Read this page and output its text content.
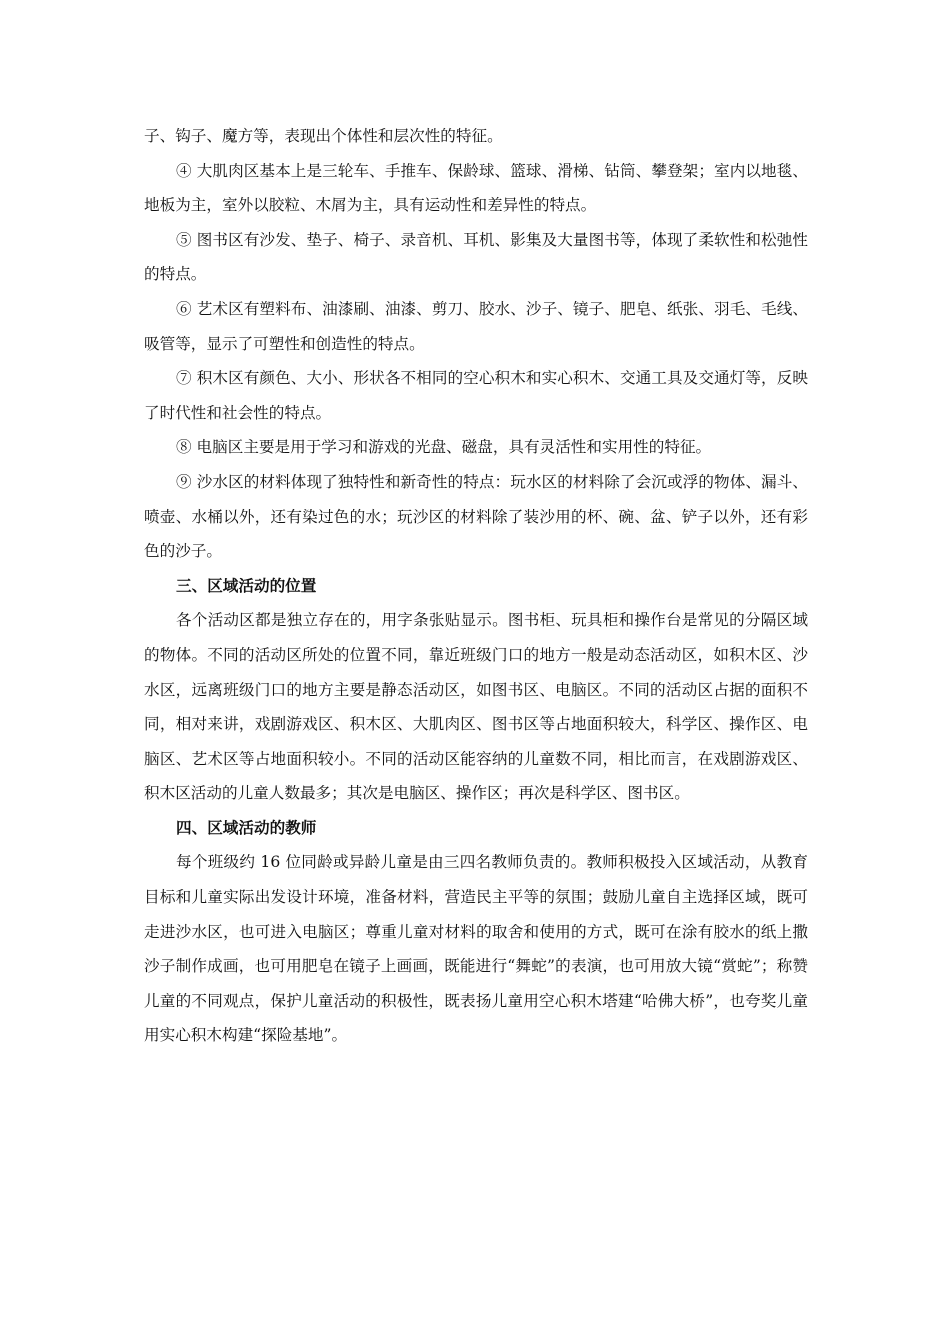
子、钩子、魔方等，表现出个体性和层次性的特征。

④ 大肌肉区基本上是三轮车、手推车、保龄球、篮球、滑梯、钻筒、攀登架；室内以地毯、地板为主，室外以胶粒、木屑为主，具有运动性和差异性的特点。

⑤ 图书区有沙发、垫子、椅子、录音机、耳机、影集及大量图书等，体现了柔软性和松弛性的特点。

⑥ 艺术区有塑料布、油漆刷、油漆、剪刀、胶水、沙子、镜子、肥皂、纸张、羽毛、毛线、吸管等，显示了可塑性和创造性的特点。

⑦ 积木区有颜色、大小、形状各不相同的空心积木和实心积木、交通工具及交通灯等，反映了时代性和社会性的特点。

⑧ 电脑区主要是用于学习和游戏的光盘、磁盘，具有灵活性和实用性的特征。

⑨ 沙水区的材料体现了独特性和新奇性的特点：玩水区的材料除了会沉或浮的物体、漏斗、喷壶、水桶以外，还有染过色的水；玩沙区的材料除了装沙用的杯、碗、盆、铲子以外，还有彩色的沙子。

三、区域活动的位置

各个活动区都是独立存在的，用字条张贴显示。图书柜、玩具柜和操作台是常见的分隔区域的物体。不同的活动区所处的位置不同，靠近班级门口的地方一般是动态活动区，如积木区、沙水区，远离班级门口的地方主要是静态活动区，如图书区、电脑区。不同的活动区占据的面积不同，相对来讲，戏剧游戏区、积木区、大肌肉区、图书区等占地面积较大，科学区、操作区、电脑区、艺术区等占地面积较小。不同的活动区能容纳的儿童数不同，相比而言，在戏剧游戏区、积木区活动的儿童人数最多；其次是电脑区、操作区；再次是科学区、图书区。

四、区域活动的教师

每个班级约 16 位同龄或异龄儿童是由三四名教师负责的。教师积极投入区域活动，从教育目标和儿童实际出发设计环境，准备材料，营造民主平等的氛围；鼓励儿童自主选择区域，既可走进沙水区，也可进入电脑区；尊重儿童对材料的取舍和使用的方式，既可在涂有胶水的纸上撒沙子制作成画，也可用肥皂在镜子上画画，既能进行“舞蛇”的表演，也可用放大镜“赏蛇”；称赞儿童的不同观点，保护儿童活动的积极性，既表扬儿童用空心积木塔建“哈佛大桥”，也夸奖儿童用实心积木构建“探险基地”。
